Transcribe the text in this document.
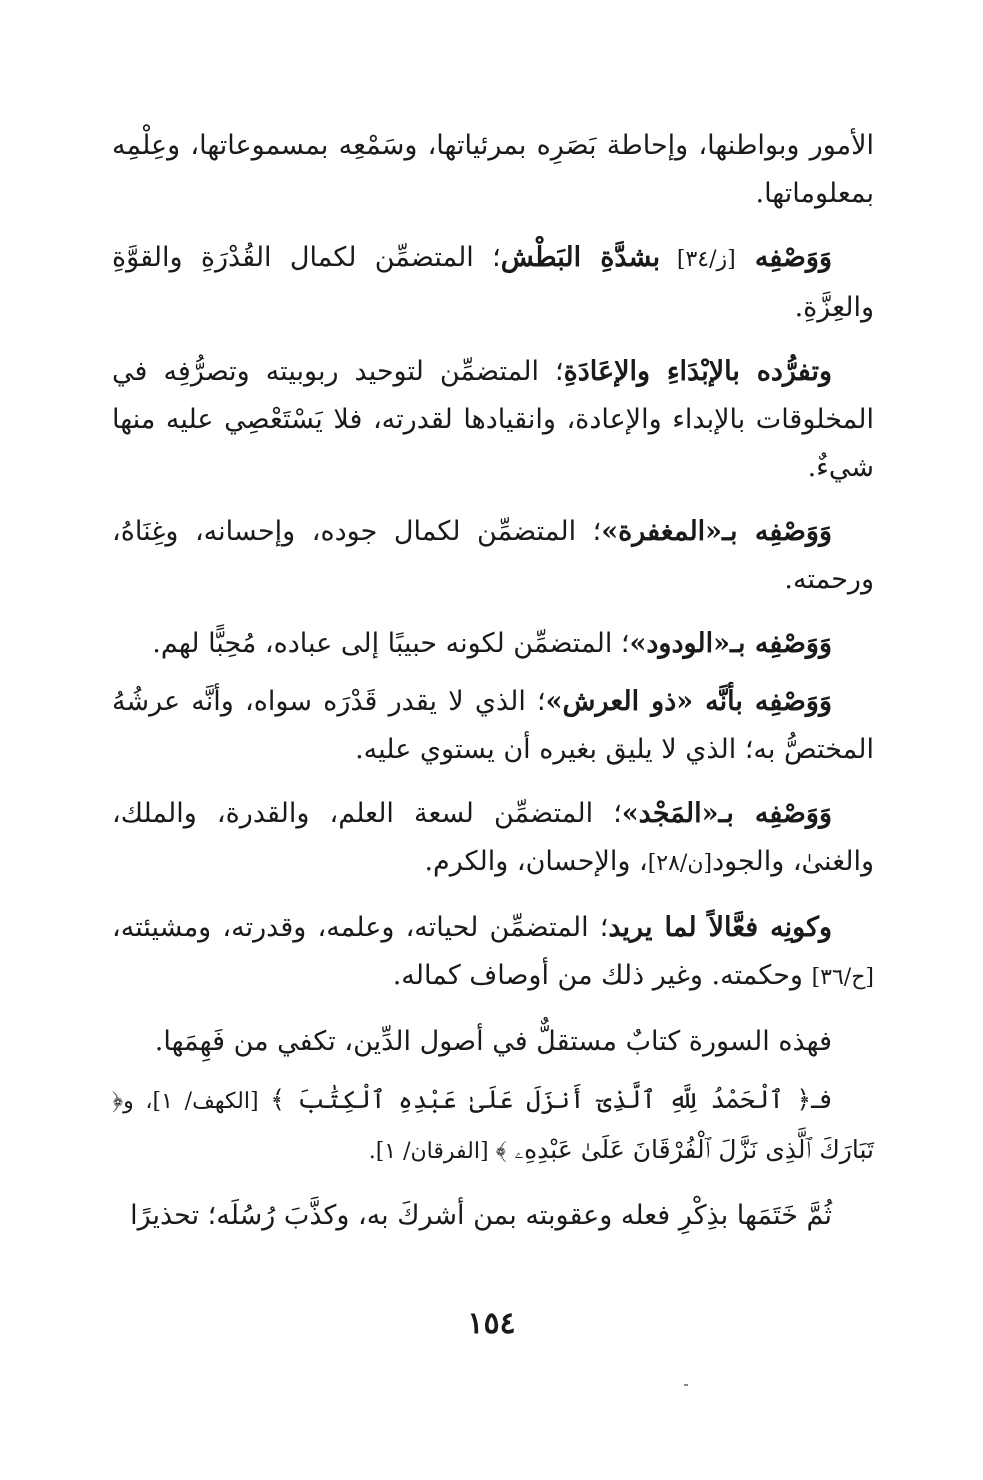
الأمور وبواطنها، وإحاطة بَصَرِه بمرئياتها، وسَمْعِه بمسموعاتها، وعِلْمِه بمعلوماتها.

وَوَصْفِه [ز/٣٤] بشدَّةِ البَطْش؛ المتضمِّن لكمال القُدْرَةِ والقوَّةِ والعِزَّةِ.

وتفرُّده بالإبْدَاءِ والإعَادَةِ؛ المتضمِّن لتوحيد ربوبيته وتصرُّفِه في المخلوقات بالإبداء والإعادة، وانقيادها لقدرته، فلا يَسْتَعْصِي عليه منها شيءٌ.

وَوَصْفِه بـ«المغفرة»؛ المتضمِّن لكمال جوده، وإحسانه، وغِنَاهُ، ورحمته.

وَوَصْفِه بـ«الودود»؛ المتضمِّن لكونه حبيبًا إلى عباده، مُحِبًّا لهم.

وَوَصْفِه بأنَّه «ذو العرش»؛ الذي لا يقدر قَدْرَه سواه، وأنَّه عرشُهُ المختصُّ به؛ الذي لا يليق بغيره أن يستوي عليه.

وَوَصْفِه بـ«المَجْد»؛ المتضمِّن لسعة العلم، والقدرة، والملك، والغنىٰ، والجود[ن/٢٨]، والإحسان، والكرم.

وكونِه فعَّالاً لما يريد؛ المتضمِّن لحياته، وعلمه، وقدرته، ومشيئته، [ح/٣٦] وحكمته. وغير ذلك من أوصاف كماله.

فهذه السورة كتابٌ مستقلٌّ في أصول الدِّين، تكفي من فَهِمَها.

فـ﴿ ٱلْحَمْدُ لِلَّهِ ٱلَّذِىٓ أَنزَلَ عَلَىٰ عَبْدِهِ ٱلْكِتَٰبَ ﴾ [الكهف/ ١]، و﴿ تَبَارَكَ ٱلَّذِى نَزَّلَ ٱلْفُرْقَانَ عَلَىٰ عَبْدِهِۦ ﴾ [الفرقان/ ١].

ثُمَّ خَتَمَها بذِكْرِ فعله وعقوبته بمن أشركَ به، وكذَّبَ رُسُلَه؛ تحذيرًا

١٥٤
